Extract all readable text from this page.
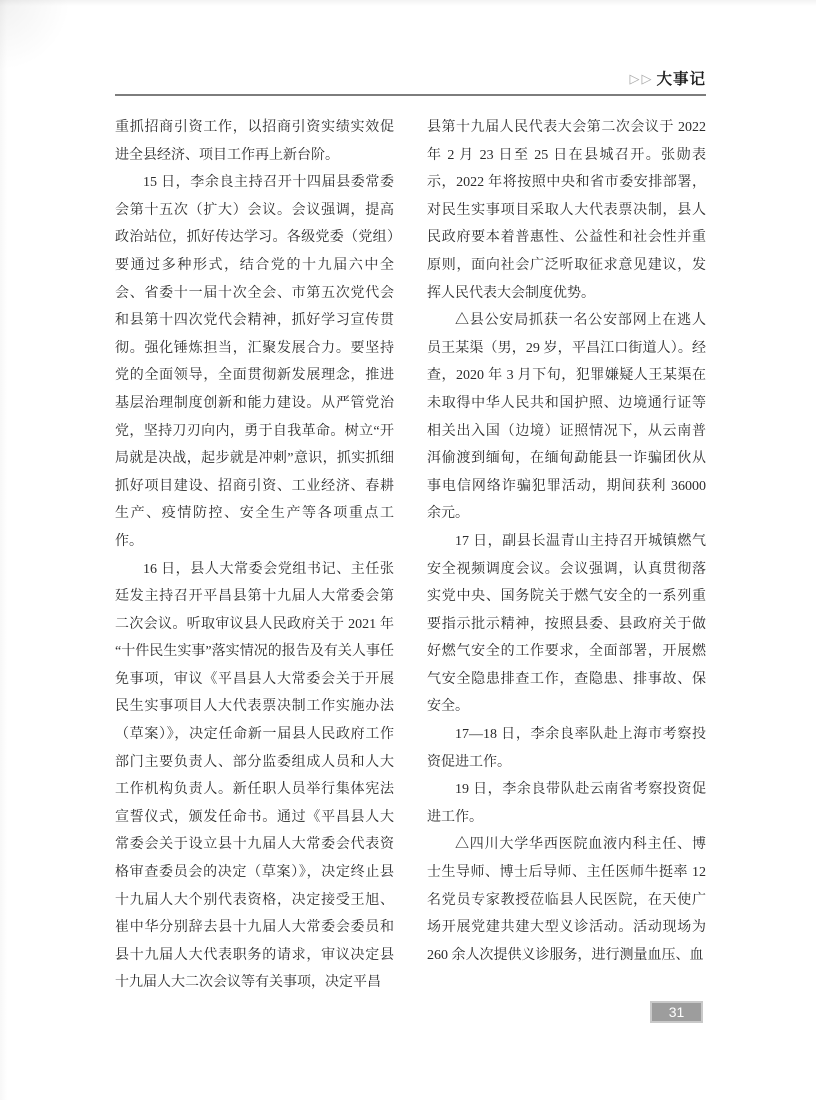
▷▷ 大事记

重抓招商引资工作，以招商引资实绩实效促进全县经济、项目工作再上新台阶。

15 日，李余良主持召开十四届县委常委会第十五次（扩大）会议。会议强调，提高政治站位，抓好传达学习。各级党委（党组）要通过多种形式，结合党的十九届六中全会、省委十一届十次全会、市第五次党代会和县第十四次党代会精神，抓好学习宣传贯彻。强化锤炼担当，汇聚发展合力。要坚持党的全面领导，全面贯彻新发展理念，推进基层治理制度创新和能力建设。从严管党治党，坚持刀刃向内，勇于自我革命。树立“开局就是决战，起步就是冲刺”意识，抓实抓细抓好项目建设、招商引资、工业经济、春耕生产、疫情防控、安全生产等各项重点工作。

16 日，县人大常委会党组书记、主任张廷发主持召开平昌县第十九届人大常委会第二次会议。听取审议县人民政府关于 2021 年“十件民生实事”落实情况的报告及有关人事任免事项，审议《平昌县人大常委会关于开展民生实事项目人大代表票决制工作实施办法（草案）》，决定任命新一届县人民政府工作部门主要负责人、部分监委组成人员和人大工作机构负责人。新任职人员举行集体宪法宣誓仪式，颁发任命书。通过《平昌县人大常委会关于设立县十九届人大常委会代表资格审查委员会的决定（草案）》，决定终止县十九届人大个别代表资格，决定接受王旭、崔中华分别辞去县十九届人大常委会委员和县十九届人大代表职务的请求，审议决定县十九届人大二次会议等有关事项，决定平昌

县第十九届人民代表大会第二次会议于 2022 年 2 月 23 日至 25 日在县城召开。张勋表示，2022 年将按照中央和省市委安排部署，对民生实事项目采取人大代表票决制，县人民政府要本着普惠性、公益性和社会性并重原则，面向社会广泛听取征求意见建议，发挥人民代表大会制度优势。

△县公安局抓获一名公安部网上在逃人员王某渠（男，29 岁，平昌江口街道人）。经查，2020 年 3 月下旬，犯罪嫌疑人王某渠在未取得中华人民共和国护照、边境通行证等相关出入国（边境）证照情况下，从云南普洱偷渡到缅甸，在缅甸勐能县一诈骗团伙从事电信网络诈骗犯罪活动，期间获利 36000 余元。

17 日，副县长温青山主持召开城镇燃气安全视频调度会议。会议强调，认真贯彻落实党中央、国务院关于燃气安全的一系列重要指示批示精神，按照县委、县政府关于做好燃气安全的工作要求，全面部署，开展燃气安全隐患排查工作，查隐患、排事故、保安全。

17—18 日，李余良率队赴上海市考察投资促进工作。

19 日，李余良带队赴云南省考察投资促进工作。

△四川大学华西医院血液内科主任、博士生导师、博士后导师、主任医师牛挺率 12 名党员专家教授莅临县人民医院，在天使广场开展党建共建大型义诊活动。活动现场为 260 余人次提供义诊服务，进行测量血压、血

31
